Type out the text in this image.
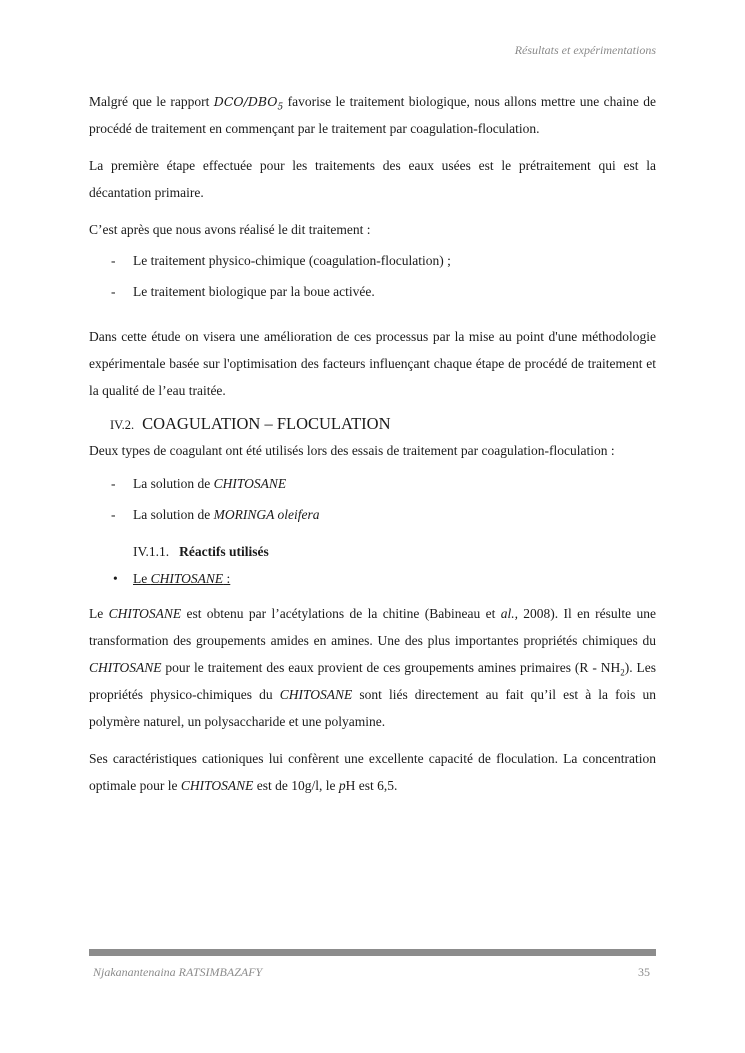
Résultats et expérimentations

Malgré que le rapport DCO/$DBO_5$ favorise le traitement biologique, nous allons mettre une chaine de procédé de traitement en commençant par le traitement par coagulation-floculation.

La première étape effectuée pour les traitements des eaux usées est le prétraitement qui est la décantation primaire.

C’est après que nous avons réalisé le dit traitement :

-	Le traitement physico-chimique (coagulation-floculation) ;
-	Le traitement biologique par la boue activée.

Dans cette étude on visera une amélioration de ces processus par la mise au point d'une méthodologie expérimentale basée sur l'optimisation des facteurs influençant chaque étape de procédé de traitement et la qualité de l’eau traitée.

IV.2. COAGULATION – FLOCULATION

Deux types de coagulant ont été utilisés lors des essais de traitement par coagulation-floculation :

-	La solution de CHITOSANE
-	La solution de MORINGA oleifera
IV.1.1. Réactifs utilisés
•	Le CHITOSANE :

Le CHITOSANE est obtenu par l’acétylations de la chitine (Babineau et al., 2008). Il en résulte une transformation des groupements amides en amines. Une des plus importantes propriétés chimiques du CHITOSANE pour le traitement des eaux provient de ces groupements amines primaires $(R - NH_2)$. Les propriétés physico-chimiques du CHITOSANE sont liés directement au fait qu’il est à la fois un polymère naturel, un polysaccharide et une polyamine.

Ses caractéristiques cationiques lui confèrent une excellente capacité de floculation. La concentration optimale pour le CHITOSANE est de 10g/l, le pH est 6,5.

Njakanantenaina RATSIMBAZAFY	35
